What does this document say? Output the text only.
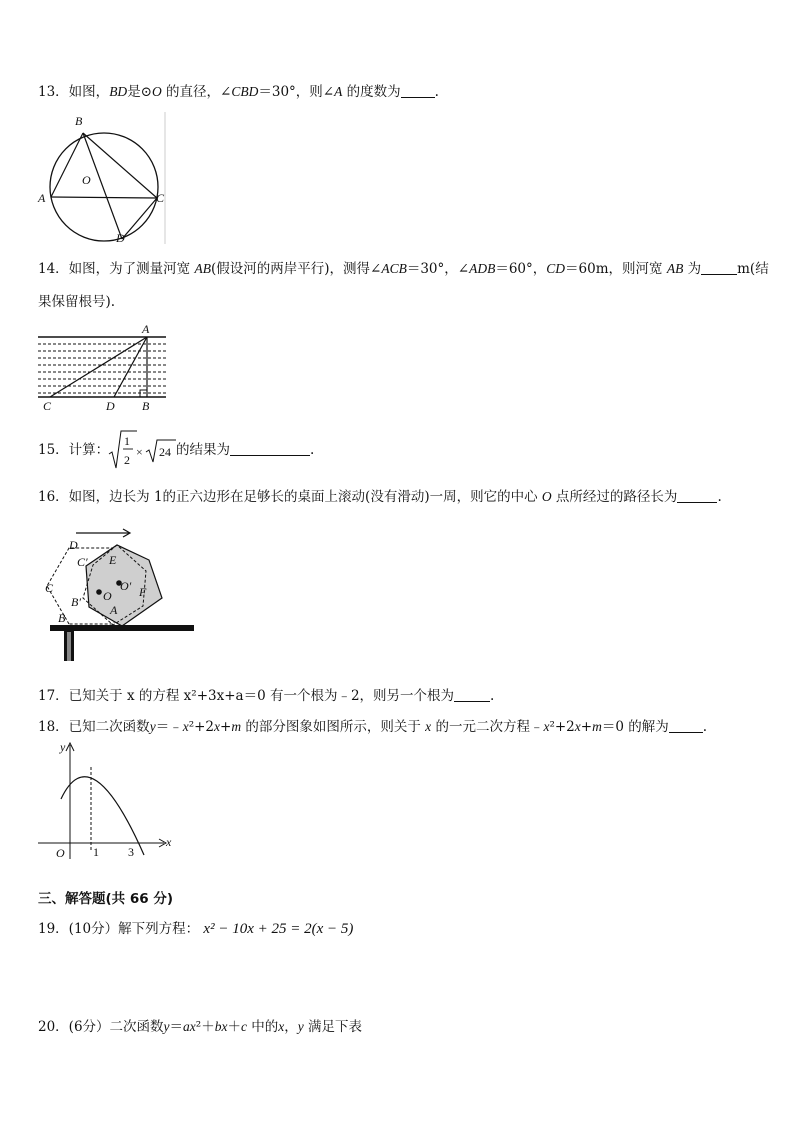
13．如图，BD是⊙O 的直径，∠CBD＝30°，则∠A 的度数为	.
B
O
A	C
D
14．如图，为了测量河宽 AB(假设河的两岸平行)，测得∠ACB＝30°，∠ADB＝60°，CD＝60m，则河宽 AB 为	m(结
果保留根号).
A
C	D B
15．计算：
1
2
× 24 的结果为	.
16．如图，边长为 1的正六边形在足够长的桌面上滚动(没有滑动)一周，则它的中心 O 点所经过的路径长为	.
D
E
C′
C	O′ F
B′ O
A
B
17．已知关于 x 的方程 x²+3x+a＝0 有一个根为﹣2，则另一个根为	.
18．已知二次函数y＝﹣x²+2x+m 的部分图象如图所示，则关于 x 的一元二次方程﹣x²+2x+m＝0 的解为	.
y
x
O 1 3
三、解答题(共 66 分)
19．(10分）解下列方程： x² − 10x + 25 = 2(x − 5)
20．(6分）二次函数y＝ax²＋bx＋c 中的x，y 满足下表
